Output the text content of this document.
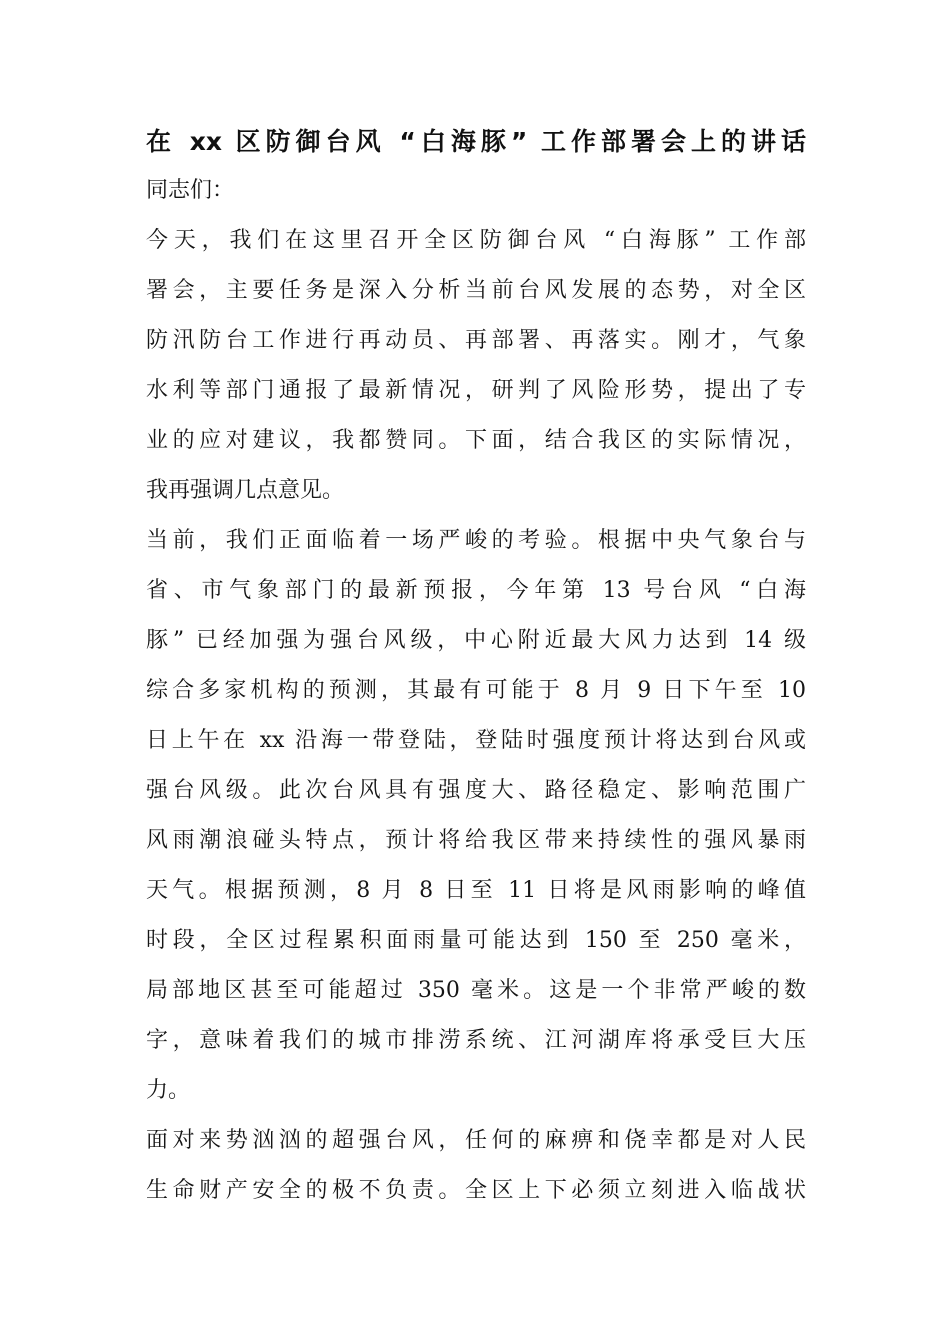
在 xx 区防御台风 “白海豚” 工作部署会上的讲话

同志们：

今天，我们在这里召开全区防御台风 “白海豚” 工作部

署会，主要任务是深入分析当前台风发展的态势，对全区

防汛防台工作进行再动员、再部署、再落实。刚才，气象

水利等部门通报了最新情况，研判了风险形势，提出了专

业的应对建议，我都赞同。下面，结合我区的实际情况，

我再强调几点意见。

当前，我们正面临着一场严峻的考验。根据中央气象台与

省、市气象部门的最新预报，今年第 13 号台风 “白海

豚” 已经加强为强台风级，中心附近最大风力达到 14 级

综合多家机构的预测，其最有可能于 8 月 9 日下午至 10

日上午在 xx 沿海一带登陆，登陆时强度预计将达到台风或

强台风级。此次台风具有强度大、路径稳定、影响范围广

风雨潮浪碰头特点，预计将给我区带来持续性的强风暴雨

天气。根据预测，8 月 8 日至 11 日将是风雨影响的峰值

时段，全区过程累积面雨量可能达到 150 至 250 毫米，

局部地区甚至可能超过 350 毫米。这是一个非常严峻的数

字，意味着我们的城市排涝系统、江河湖库将承受巨大压

力。

面对来势汹汹的超强台风，任何的麻痹和侥幸都是对人民

生命财产安全的极不负责。全区上下必须立刻进入临战状
